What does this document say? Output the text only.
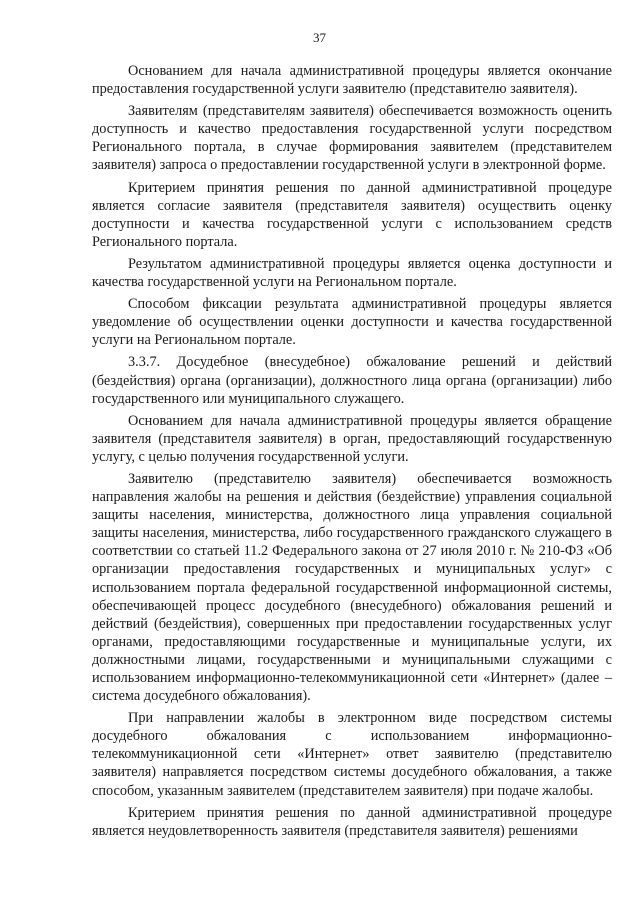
37

Основанием для начала административной процедуры является окончание предоставления государственной услуги заявителю (представителю заявителя).

Заявителям (представителям заявителя) обеспечивается возможность оценить доступность и качество предоставления государственной услуги посредством Регионального портала, в случае формирования заявителем (представителем заявителя) запроса о предоставлении государственной услуги в электронной форме.

Критерием принятия решения по данной административной процедуре является согласие заявителя (представителя заявителя) осуществить оценку доступности и качества государственной услуги с использованием средств Регионального портала.

Результатом административной процедуры является оценка доступности и качества государственной услуги на Региональном портале.

Способом фиксации результата административной процедуры является уведомление об осуществлении оценки доступности и качества государственной услуги на Региональном портале.

3.3.7. Досудебное (внесудебное) обжалование решений и действий (бездействия) органа (организации), должностного лица органа (организации) либо государственного или муниципального служащего.

Основанием для начала административной процедуры является обращение заявителя (представителя заявителя) в орган, предоставляющий государственную услугу, с целью получения государственной услуги.

Заявителю (представителю заявителя) обеспечивается возможность направления жалобы на решения и действия (бездействие) управления социальной защиты населения, министерства, должностного лица управления социальной защиты населения, министерства, либо государственного гражданского служащего в соответствии со статьей 11.2 Федерального закона от 27 июля 2010 г. № 210-ФЗ «Об организации предоставления государственных и муниципальных услуг» с использованием портала федеральной государственной информационной системы, обеспечивающей процесс досудебного (внесудебного) обжалования решений и действий (бездействия), совершенных при предоставлении государственных услуг органами, предоставляющими государственные и муниципальные услуги, их должностными лицами, государственными и муниципальными служащими с использованием информационно-телекоммуникационной сети «Интернет» (далее – система досудебного обжалования).

При направлении жалобы в электронном виде посредством системы досудебного обжалования с использованием информационно-телекоммуникационной сети «Интернет» ответ заявителю (представителю заявителя) направляется посредством системы досудебного обжалования, а также способом, указанным заявителем (представителем заявителя) при подаче жалобы.

Критерием принятия решения по данной административной процедуре является неудовлетворенность заявителя (представителя заявителя) решениями
